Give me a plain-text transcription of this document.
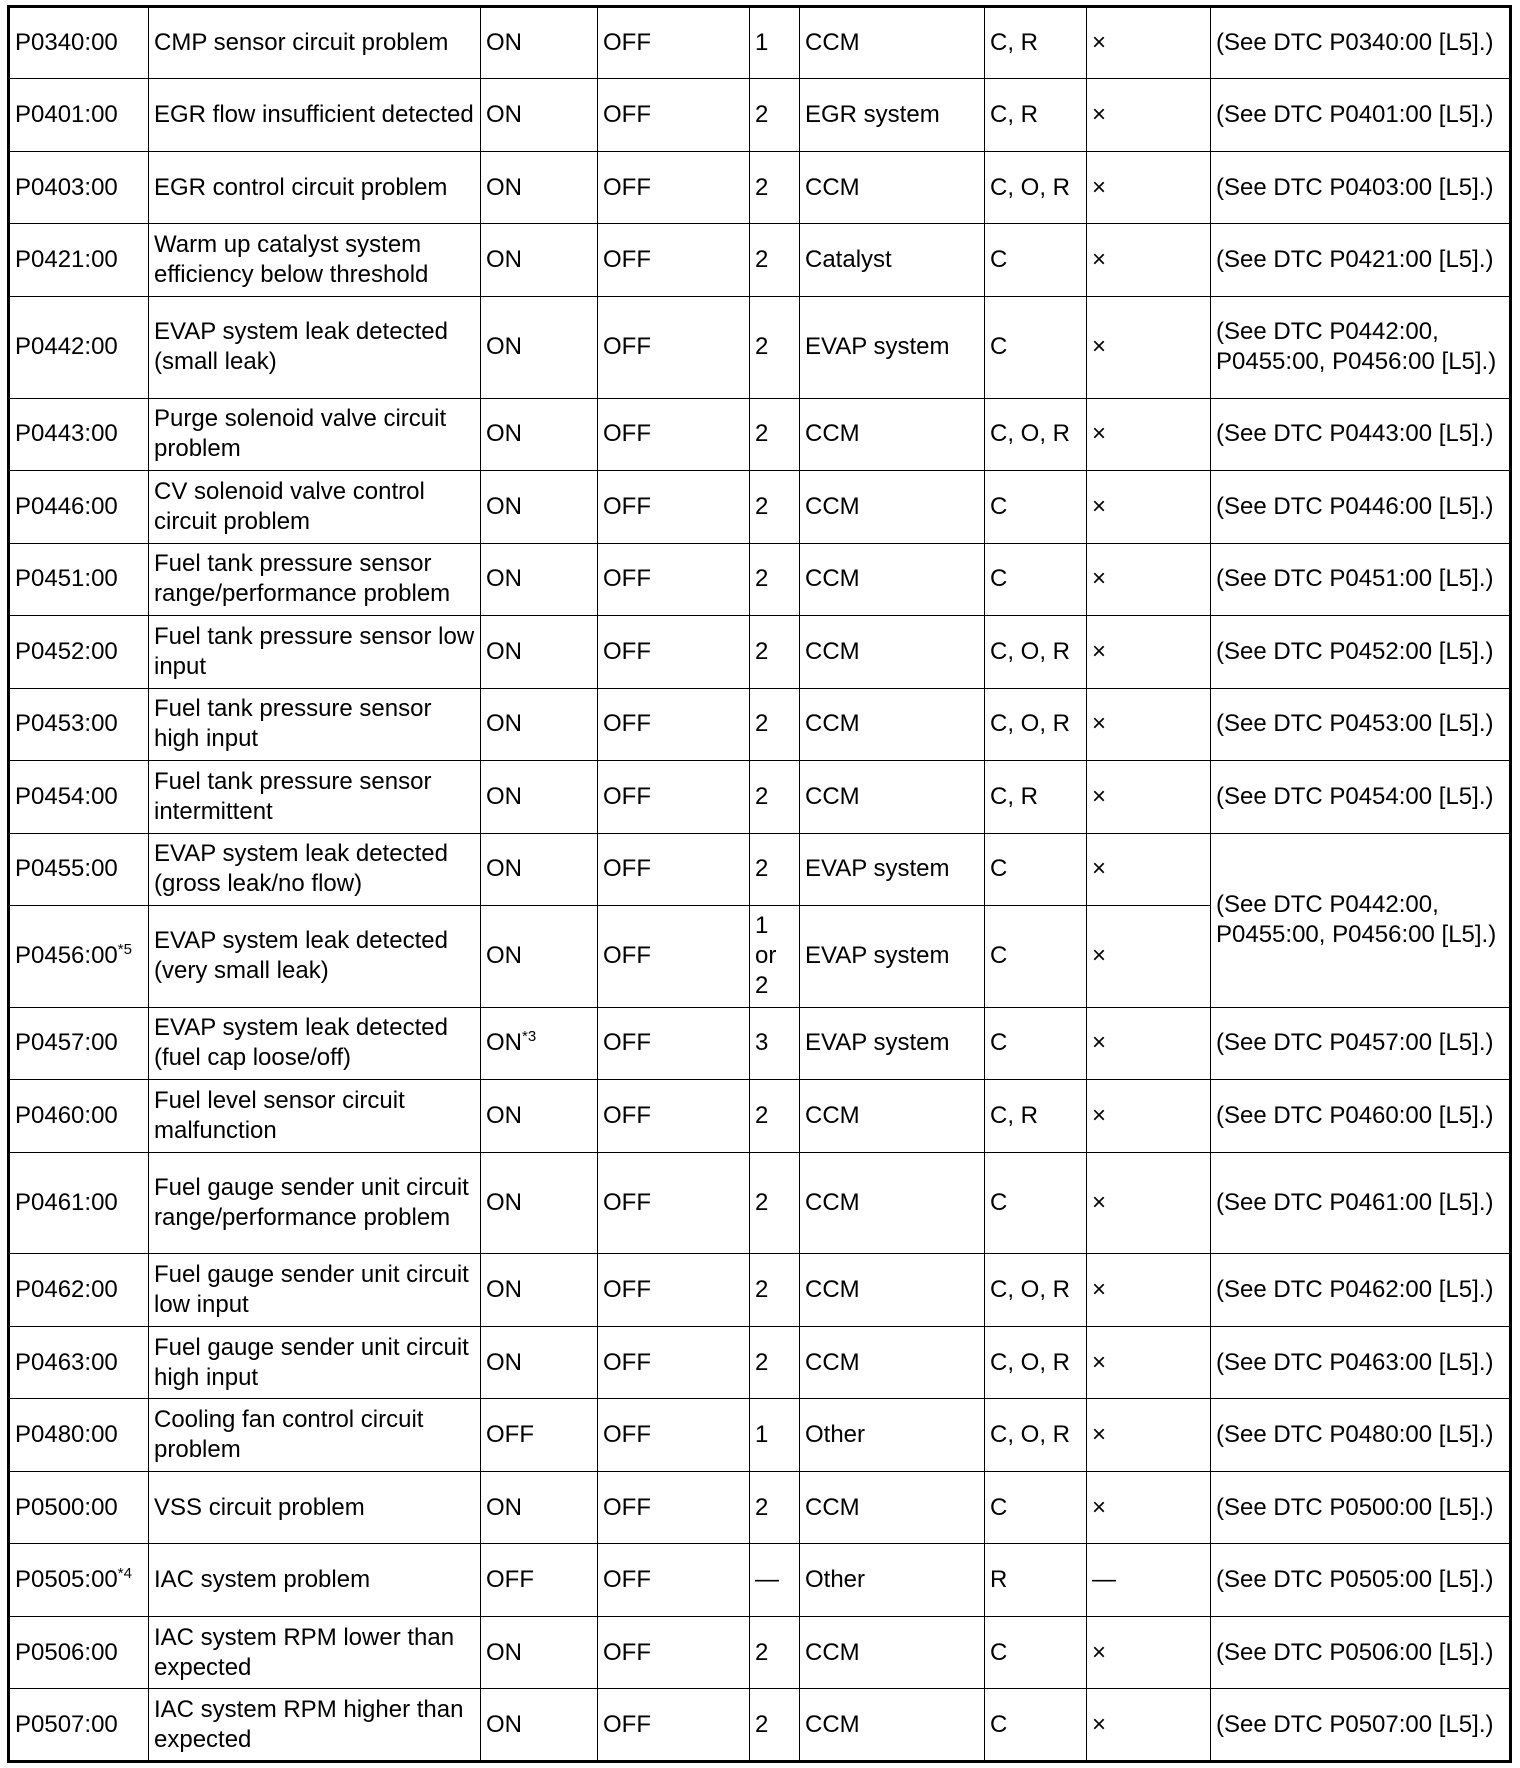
P0340:00	CMP sensor circuit problem	ON	OFF	1	CCM	C, R	×	(See DTC P0340:00 [L5].)
P0401:00	EGR flow insufficient detected	ON	OFF	2	EGR system	C, R	×	(See DTC P0401:00 [L5].)
P0403:00	EGR control circuit problem	ON	OFF	2	CCM	C, O, R	×	(See DTC P0403:00 [L5].)
P0421:00	Warm up catalyst system efficiency below threshold	ON	OFF	2	Catalyst	C	×	(See DTC P0421:00 [L5].)
P0442:00	EVAP system leak detected (small leak)	ON	OFF	2	EVAP system	C	×	(See DTC P0442:00, P0455:00, P0456:00 [L5].)
P0443:00	Purge solenoid valve circuit problem	ON	OFF	2	CCM	C, O, R	×	(See DTC P0443:00 [L5].)
P0446:00	CV solenoid valve control circuit problem	ON	OFF	2	CCM	C	×	(See DTC P0446:00 [L5].)
P0451:00	Fuel tank pressure sensor range/performance problem	ON	OFF	2	CCM	C	×	(See DTC P0451:00 [L5].)
P0452:00	Fuel tank pressure sensor low input	ON	OFF	2	CCM	C, O, R	×	(See DTC P0452:00 [L5].)
P0453:00	Fuel tank pressure sensor high input	ON	OFF	2	CCM	C, O, R	×	(See DTC P0453:00 [L5].)
P0454:00	Fuel tank pressure sensor intermittent	ON	OFF	2	CCM	C, R	×	(See DTC P0454:00 [L5].)
P0455:00	EVAP system leak detected (gross leak/no flow)	ON	OFF	2	EVAP system	C	×	(See DTC P0442:00, P0455:00, P0456:00 [L5].)
P0456:00$^{*5}$	EVAP system leak detected (very small leak)	ON	OFF	1 or 2	EVAP system	C	×	
P0457:00	EVAP system leak detected (fuel cap loose/off)	ON$^{*3}$	OFF	3	EVAP system	C	×	(See DTC P0457:00 [L5].)
P0460:00	Fuel level sensor circuit malfunction	ON	OFF	2	CCM	C, R	×	(See DTC P0460:00 [L5].)
P0461:00	Fuel gauge sender unit circuit range/performance problem	ON	OFF	2	CCM	C	×	(See DTC P0461:00 [L5].)
P0462:00	Fuel gauge sender unit circuit low input	ON	OFF	2	CCM	C, O, R	×	(See DTC P0462:00 [L5].)
P0463:00	Fuel gauge sender unit circuit high input	ON	OFF	2	CCM	C, O, R	×	(See DTC P0463:00 [L5].)
P0480:00	Cooling fan control circuit problem	OFF	OFF	1	Other	C, O, R	×	(See DTC P0480:00 [L5].)
P0500:00	VSS circuit problem	ON	OFF	2	CCM	C	×	(See DTC P0500:00 [L5].)
P0505:00$^{*4}$	IAC system problem	OFF	OFF	—	Other	R	—	(See DTC P0505:00 [L5].)
P0506:00	IAC system RPM lower than expected	ON	OFF	2	CCM	C	×	(See DTC P0506:00 [L5].)
P0507:00	IAC system RPM higher than expected	ON	OFF	2	CCM	C	×	(See DTC P0507:00 [L5].)
